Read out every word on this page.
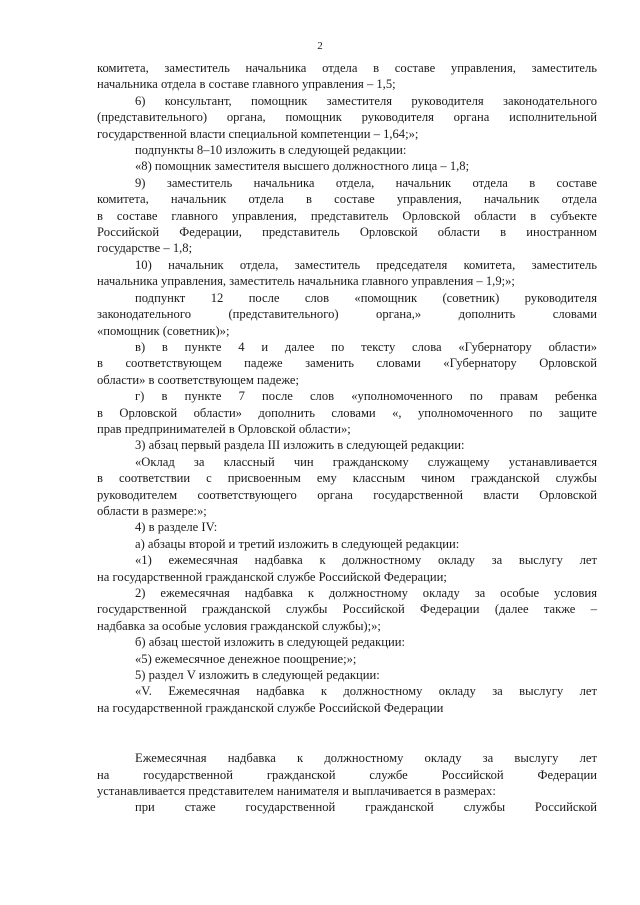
2

комитета, заместитель начальника отдела в составе управления, заместитель

начальника отдела в составе главного управления – 1,5;

6) консультант, помощник заместителя руководителя законодательного

(представительного) органа, помощник руководителя органа исполнительной

государственной власти специальной компетенции – 1,64;»;

подпункты 8–10 изложить в следующей редакции:

«8) помощник заместителя высшего должностного лица – 1,8;

9) заместитель начальника отдела, начальник отдела в составе

комитета, начальник отдела в составе управления, начальник отдела

в составе главного управления, представитель Орловской области в субъекте

Российской Федерации, представитель Орловской области в иностранном

государстве – 1,8;

10) начальник отдела, заместитель председателя комитета, заместитель

начальника управления, заместитель начальника главного управления – 1,9;»;

подпункт 12 после слов «помощник (советник) руководителя

законодательного (представительного) органа,» дополнить словами

«помощник (советник)»;

в) в пункте 4 и далее по тексту слова «Губернатору области»

в соответствующем падеже заменить словами «Губернатору Орловской

области» в соответствующем падеже;

г) в пункте 7 после слов «уполномоченного по правам ребенка

в Орловской области» дополнить словами «, уполномоченного по защите

прав предпринимателей в Орловской области»;

3) абзац первый раздела III изложить в следующей редакции:

«Оклад за классный чин гражданскому служащему устанавливается

в соответствии с присвоенным ему классным чином гражданской службы

руководителем соответствующего органа государственной власти Орловской

области в размере:»;

4) в разделе IV:

а) абзацы второй и третий изложить в следующей редакции:

«1) ежемесячная надбавка к должностному окладу за выслугу лет

на государственной гражданской службе Российской Федерации;

2) ежемесячная надбавка к должностному окладу за особые условия

государственной гражданской службы Российской Федерации (далее также –

надбавка за особые условия гражданской службы);»;

б) абзац шестой изложить в следующей редакции:

«5) ежемесячное денежное поощрение;»;

5) раздел V изложить в следующей редакции:

«V. Ежемесячная надбавка к должностному окладу за выслугу лет

на государственной гражданской службе Российской Федерации

Ежемесячная надбавка к должностному окладу за выслугу лет

на государственной гражданской службе Российской Федерации

устанавливается представителем нанимателя и выплачивается в размерах:

при стаже государственной гражданской службы Российской
